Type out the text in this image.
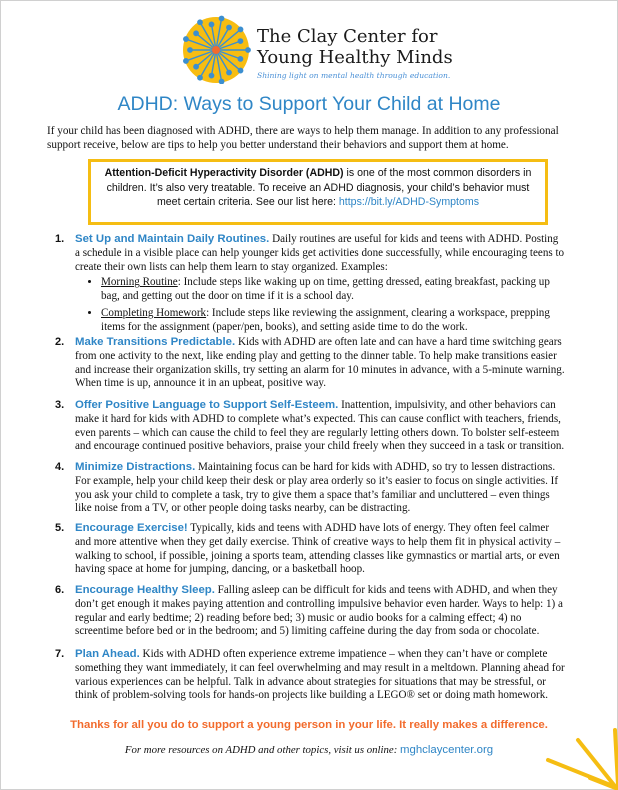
The Clay Center for
Young Healthy Minds
Shining light on mental health through education.
ADHD: Ways to Support Your Child at Home
If your child has been diagnosed with ADHD, there are ways to help them manage. In addition to any professional support receive, below are tips to help you better understand their behaviors and support them at home.
Attention-Deficit Hyperactivity Disorder (ADHD) is one of the most common disorders in children. It’s also very treatable. To receive an ADHD diagnosis, your child’s behavior must meet certain criteria. See our list here: https://bit.ly/ADHD-Symptoms
1. Set Up and Maintain Daily Routines. Daily routines are useful for kids and teens with ADHD. Posting a schedule in a visible place can help younger kids get activities done successfully, while encouraging teens to create their own lists can help them learn to stay organized. Examples:
• Morning Routine: Include steps like waking up on time, getting dressed, eating breakfast, packing up bag, and getting out the door on time if it is a school day.
• Completing Homework: Include steps like reviewing the assignment, clearing a workspace, prepping items for the assignment (paper/pen, books), and setting aside time to do the work.
2. Make Transitions Predictable. Kids with ADHD are often late and can have a hard time switching gears from one activity to the next, like ending play and getting to the dinner table. To help make transitions easier and increase their organization skills, try setting an alarm for 10 minutes in advance, with a 5-minute warning. When time is up, announce it in an upbeat, positive way.
3. Offer Positive Language to Support Self-Esteem. Inattention, impulsivity, and other behaviors can make it hard for kids with ADHD to complete what’s expected. This can cause conflict with teachers, friends, even parents – which can cause the child to feel they are regularly letting others down. To bolster self-esteem and encourage continued positive behaviors, praise your child freely when they succeed in a task or transition.
4. Minimize Distractions. Maintaining focus can be hard for kids with ADHD, so try to lessen distractions. For example, help your child keep their desk or play area orderly so it’s easier to focus on single activities. If you ask your child to complete a task, try to give them a space that’s familiar and uncluttered – even things like noise from a TV, or other people doing tasks nearby, can be distracting.
5. Encourage Exercise! Typically, kids and teens with ADHD have lots of energy. They often feel calmer and more attentive when they get daily exercise. Think of creative ways to help them fit in physical activity – walking to school, if possible, joining a sports team, attending classes like gymnastics or martial arts, or even having space at home for jumping, dancing, or a basketball hoop.
6. Encourage Healthy Sleep. Falling asleep can be difficult for kids and teens with ADHD, and when they don’t get enough it makes paying attention and controlling impulsive behavior even harder. Ways to help: 1) a regular and early bedtime; 2) reading before bed; 3) music or audio books for a calming effect; 4) no screentime before bed or in the bedroom; and 5) limiting caffeine during the day from soda or chocolate.
7. Plan Ahead. Kids with ADHD often experience extreme impatience – when they can’t have or complete something they want immediately, it can feel overwhelming and may result in a meltdown. Planning ahead for various experiences can be helpful. Talk in advance about strategies for situations that may be stressful, or think of problem-solving tools for hands-on projects like building a LEGO® set or doing math homework.
Thanks for all you do to support a young person in your life. It really makes a difference.
For more resources on ADHD and other topics, visit us online: mghclaycenter.org
